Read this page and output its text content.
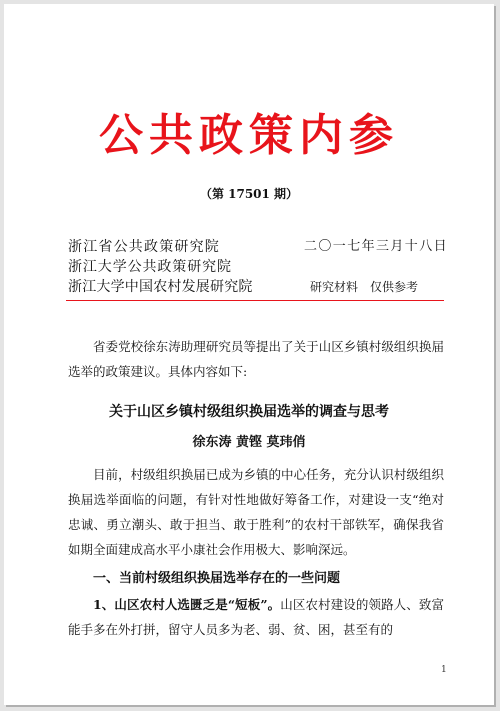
公共政策内参
（第 17501 期）
浙江省公共政策研究院
浙江大学公共政策研究院
浙江大学中国农村发展研究院
二〇一七年三月十八日
研究材料 仅供参考

省委党校徐东涛助理研究员等提出了关于山区乡镇村级组织换届选举的政策建议。具体内容如下:

关于山区乡镇村级组织换届选举的调查与思考
徐东涛 黄铿 莫玮俏

目前，村级组织换届已成为乡镇的中心任务，充分认识村级组织换届选举面临的问题，有针对性地做好筹备工作，对建设一支“绝对忠诚、勇立潮头、敢于担当、敢于胜利”的农村干部铁军，确保我省如期全面建成高水平小康社会作用极大、影响深远。

一、当前村级组织换届选举存在的一些问题

1、山区农村人选匮乏是“短板”。山区农村建设的领路人、致富能手多在外打拼，留守人员多为老、弱、贫、困，甚至有的

1
